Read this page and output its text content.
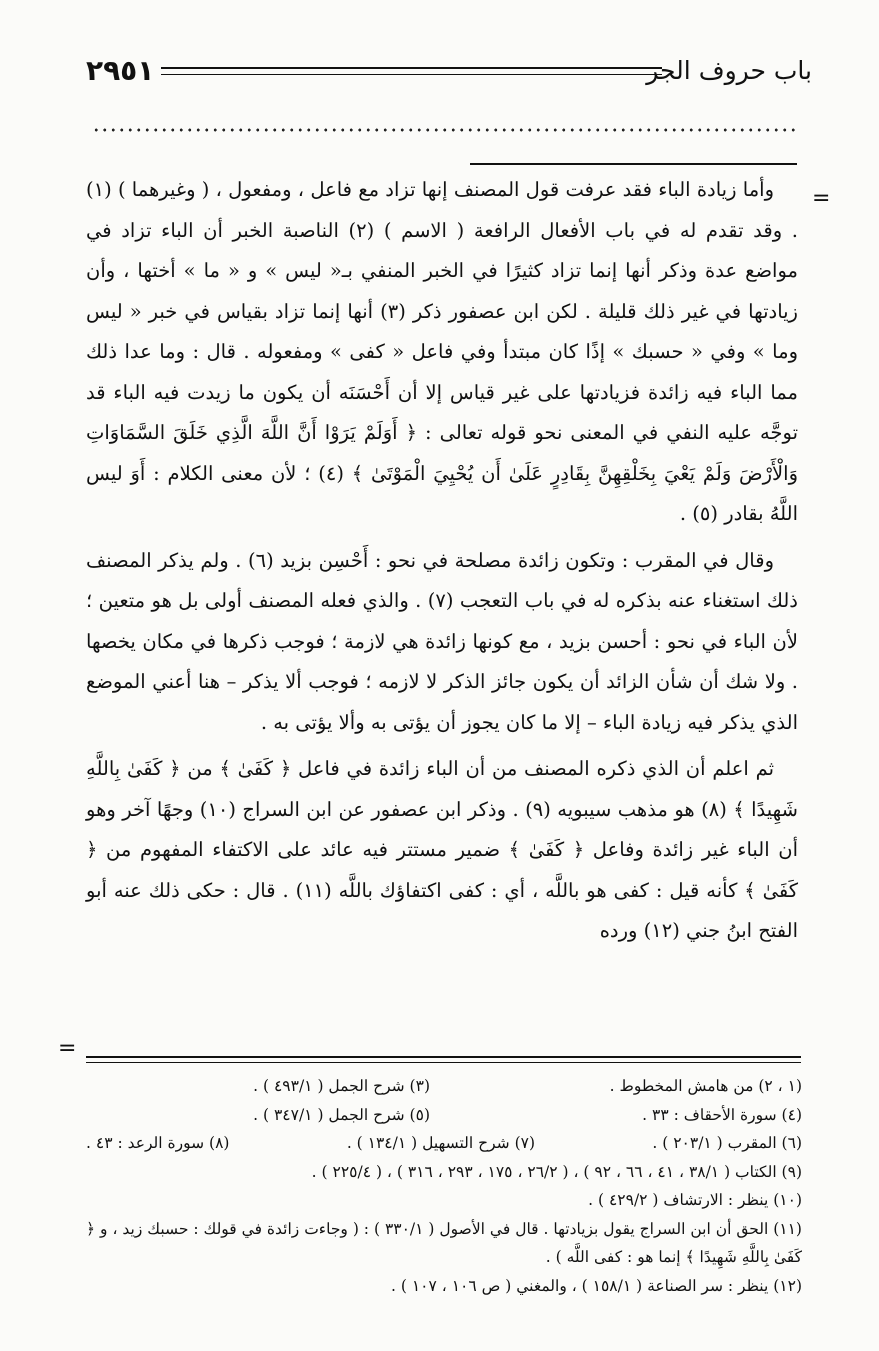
باب حروف الجر
٢٩٥١
=

وأما زيادة الباء فقد عرفت قول المصنف إنها تزاد مع فاعل ، ومفعول ، ( وغيرهما ) (١) . وقد تقدم له في باب الأفعال الرافعة ( الاسم ) (٢) الناصبة الخبر أن الباء تزاد في مواضع عدة وذكر أنها إنما تزاد كثيرًا في الخبر المنفي بـ« ليس » و « ما » أختها ، وأن زيادتها في غير ذلك قليلة . لكن ابن عصفور ذكر (٣) أنها إنما تزاد بقياس في خبر « ليس وما » وفي « حسبك » إذًا كان مبتدأ وفي فاعل « كفى » ومفعوله . قال : وما عدا ذلك مما الباء فيه زائدة فزيادتها على غير قياس إلا أن أَحْسَنَه أن يكون ما زيدت فيه الباء قد توجَّه عليه النفي في المعنى نحو قوله تعالى : ﴿ أَوَلَمْ يَرَوْا أَنَّ اللَّهَ الَّذِي خَلَقَ السَّمَاوَاتِ وَالْأَرْضَ وَلَمْ يَعْيَ بِخَلْقِهِنَّ بِقَادِرٍ عَلَىٰ أَن يُحْيِيَ الْمَوْتَىٰ ﴾ (٤) ؛ لأن معنى الكلام : أَوَ ليس اللَّهُ بقادر (٥) .

وقال في المقرب : وتكون زائدة مصلحة في نحو : أَحْسِن بزيد (٦) . ولم يذكر المصنف ذلك استغناء عنه بذكره له في باب التعجب (٧) . والذي فعله المصنف أولى بل هو متعين ؛ لأن الباء في نحو : أحسن بزيد ، مع كونها زائدة هي لازمة ؛ فوجب ذكرها في مكان يخصها . ولا شك أن شأن الزائد أن يكون جائز الذكر لا لازمه ؛ فوجب ألا يذكر – هنا أعني الموضع الذي يذكر فيه زيادة الباء – إلا ما كان يجوز أن يؤتى به وألا يؤتى به .

ثم اعلم أن الذي ذكره المصنف من أن الباء زائدة في فاعل ﴿ كَفَىٰ ﴾ من ﴿ كَفَىٰ بِاللَّهِ شَهِيدًا ﴾ (٨) هو مذهب سيبويه (٩) . وذكر ابن عصفور عن ابن السراج (١٠) وجهًا آخر وهو أن الباء غير زائدة وفاعل ﴿ كَفَىٰ ﴾ ضمير مستتر فيه عائد على الاكتفاء المفهوم من ﴿ كَفَىٰ ﴾ كأنه قيل : كفى هو باللَّه ، أي : كفى اكتفاؤك باللَّه (١١) . قال : حكى ذلك عنه أبو الفتح ابنُ جني (١٢) ورده

=
(١ ، ٢) من هامش المخطوط .
(٣) شرح الجمل ( ٤٩٣/١ ) .
(٤) سورة الأحقاف : ٣٣ .
(٥) شرح الجمل ( ٣٤٧/١ ) .
(٦) المقرب ( ٢٠٣/١ ) .
(٧) شرح التسهيل ( ١٣٤/١ ) .
(٨) سورة الرعد : ٤٣ .
(٩) الكتاب ( ٣٨/١ ، ٤١ ، ٦٦ ، ٩٢ ) ، ( ٢٦/٢ ، ١٧٥ ، ٢٩٣ ، ٣١٦ ) ، ( ٢٢٥/٤ ) .
(١٠) ينظر : الارتشاف ( ٤٢٩/٢ ) .
(١١) الحق أن ابن السراج يقول بزيادتها . قال في الأصول ( ٣٣٠/١ ) : ( وجاءت زائدة في قولك : حسبك زيد ، و ﴿ كَفَىٰ بِاللَّهِ شَهِيدًا ﴾ إنما هو : كفى اللَّه ) .
(١٢) ينظر : سر الصناعة ( ١٥٨/١ ) ، والمغني ( ص ١٠٦ ، ١٠٧ ) .
